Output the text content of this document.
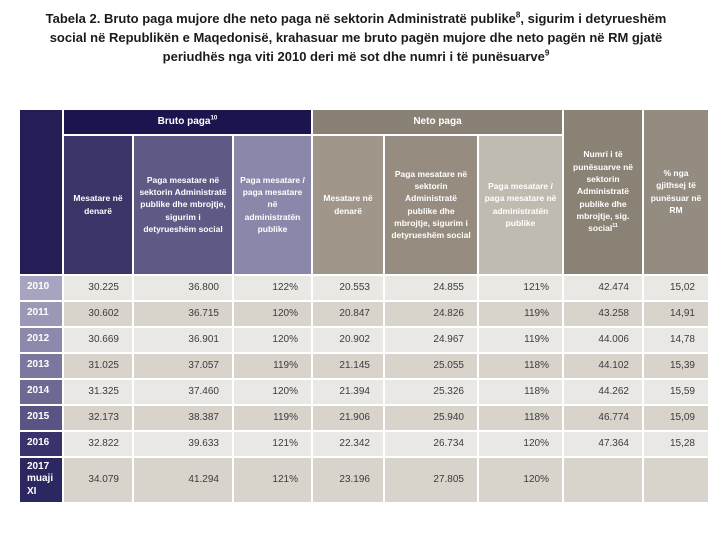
Tabela 2. Bruto paga mujore dhe neto paga në sektorin Administratë publike$^8$, sigurim i detyrueshëm social në Republikën e Maqedonisë, krahasuar me bruto pagën mujore dhe neto pagën në RM gjatë periudhës nga viti 2010 deri më sot dhe numri i të punësuarve$^9$
	Bruto paga$^{10}$			Neto paga			Numri i të punësuarve në sektorin Administratë publike dhe mbrojtje, sig. social$^{11}$	% nga gjithsej të punësuar në RM
	Mesatare në denarë	Paga mesatare në sektorin Administratë publike dhe mbrojtje, sigurim i detyrueshëm social	Paga mesatare / paga mesatare në administratën publike	Mesatare në denarë	Paga mesatare në sektorin Administratë publike dhe mbrojtje, sigurim i detyrueshëm social	Paga mesatare / paga mesatare në administratën publike		
2010	30.225	36.800	122%	20.553	24.855	121%	42.474	15,02
2011	30.602	36.715	120%	20.847	24.826	119%	43.258	14,91
2012	30.669	36.901	120%	20.902	24.967	119%	44.006	14,78
2013	31.025	37.057	119%	21.145	25.055	118%	44.102	15,39
2014	31.325	37.460	120%	21.394	25.326	118%	44.262	15,59
2015	32.173	38.387	119%	21.906	25.940	118%	46.774	15,09
2016	32.822	39.633	121%	22.342	26.734	120%	47.364	15,28
2017 muaji XI	34.079	41.294	121%	23.196	27.805	120%		
